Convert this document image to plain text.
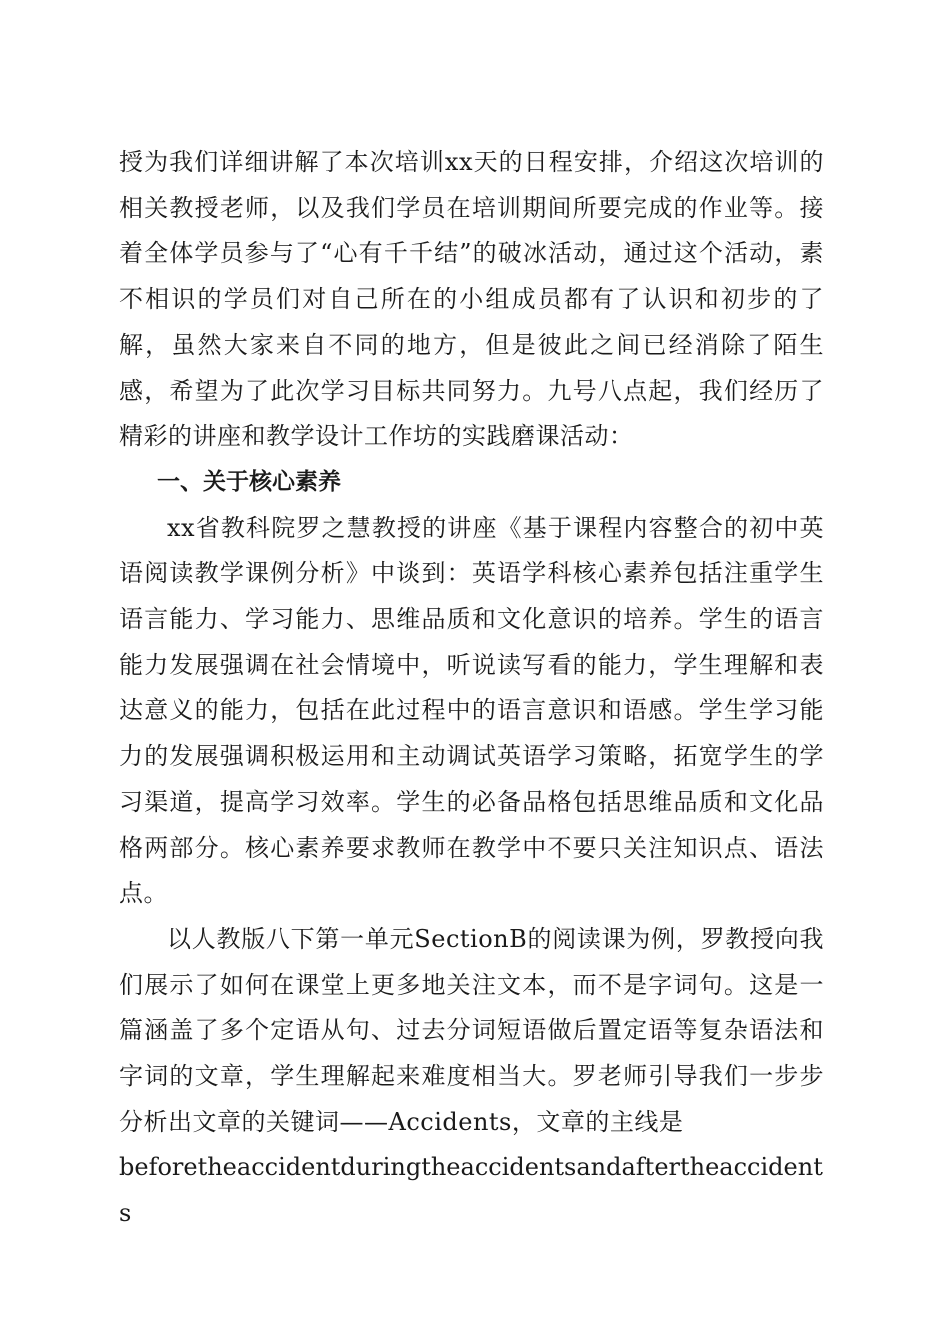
授为我们详细讲解了本次培训xx天的日程安排，介绍这次培训的相关教授老师，以及我们学员在培训期间所要完成的作业等。接着全体学员参与了“心有千千结”的破冰活动，通过这个活动，素不相识的学员们对自己所在的小组成员都有了认识和初步的了解，虽然大家来自不同的地方，但是彼此之间已经消除了陌生感，希望为了此次学习目标共同努力。九号八点起，我们经历了精彩的讲座和教学设计工作坊的实践磨课活动：

一、关于核心素养

xx省教科院罗之慧教授的讲座《基于课程内容整合的初中英语阅读教学课例分析》中谈到：英语学科核心素养包括注重学生语言能力、学习能力、思维品质和文化意识的培养。学生的语言能力发展强调在社会情境中，听说读写看的能力，学生理解和表达意义的能力，包括在此过程中的语言意识和语感。学生学习能力的发展强调积极运用和主动调试英语学习策略，拓宽学生的学习渠道，提高学习效率。学生的必备品格包括思维品质和文化品格两部分。核心素养要求教师在教学中不要只关注知识点、语法点。

以人教版八下第一单元SectionB的阅读课为例，罗教授向我们展示了如何在课堂上更多地关注文本，而不是字词句。这是一篇涵盖了多个定语从句、过去分词短语做后置定语等复杂语法和字词的文章，学生理解起来难度相当大。罗老师引导我们一步步分析出文章的关键词——Accidents，文章的主线是

beforetheaccidentduringtheaccidentsandaftertheaccidents
